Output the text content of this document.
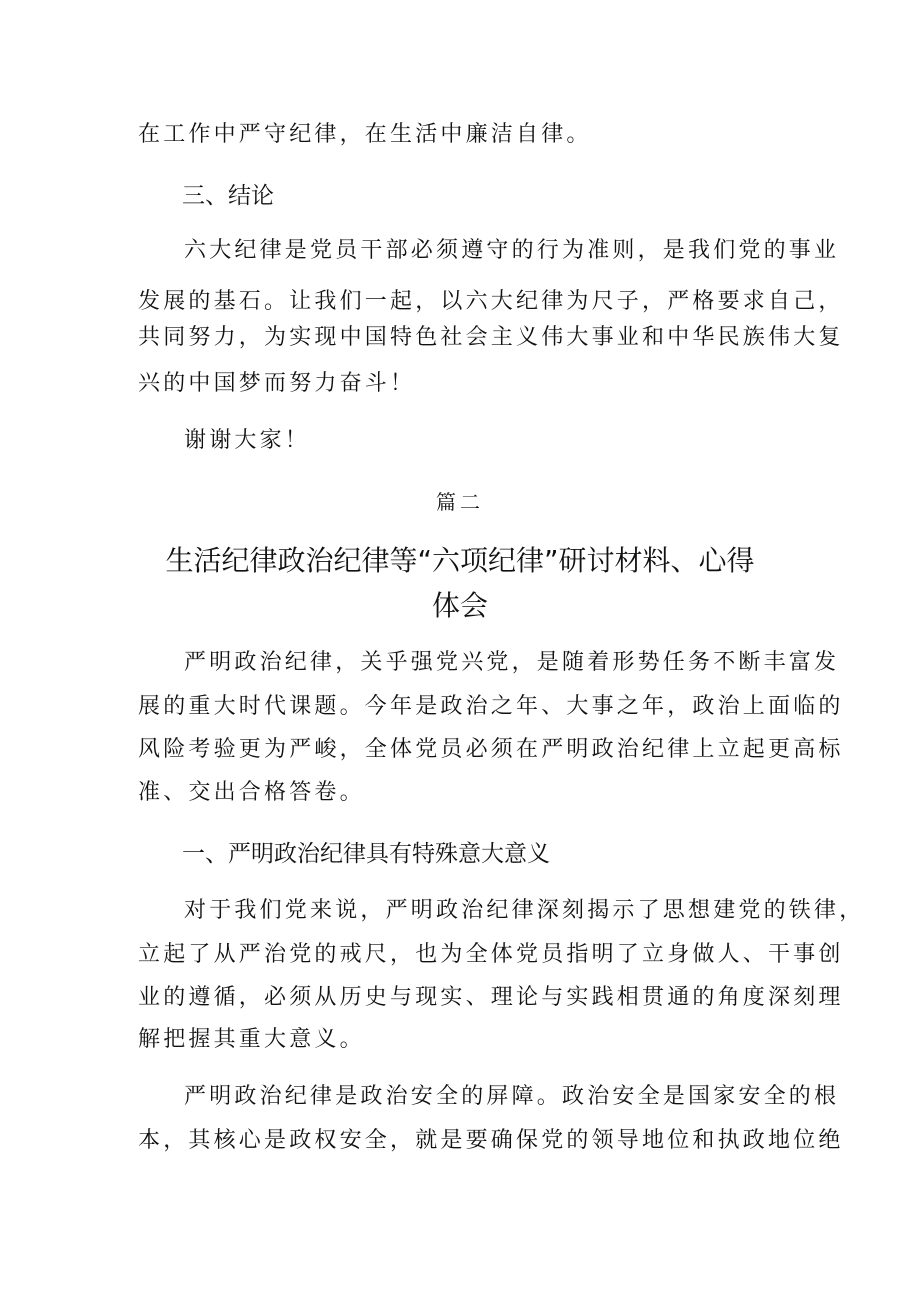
在工作中严守纪律，在生活中廉洁自律。
三、结论
六大纪律是党员干部必须遵守的行为准则，是我们党的事业
发展的基石。让我们一起，以六大纪律为尺子，严格要求自己，
共同努力，为实现中国特色社会主义伟大事业和中华民族伟大复
兴的中国梦而努力奋斗！
谢谢大家！
篇二
生活纪律政治纪律等“六项纪律”研讨材料、心得
体会
严明政治纪律，关乎强党兴党，是随着形势任务不断丰富发
展的重大时代课题。今年是政治之年、大事之年，政治上面临的
风险考验更为严峻，全体党员必须在严明政治纪律上立起更高标
准、交出合格答卷。
一、严明政治纪律具有特殊意大意义
对于我们党来说，严明政治纪律深刻揭示了思想建党的铁律，
立起了从严治党的戒尺，也为全体党员指明了立身做人、干事创
业的遵循，必须从历史与现实、理论与实践相贯通的角度深刻理
解把握其重大意义。
严明政治纪律是政治安全的屏障。政治安全是国家安全的根
本，其核心是政权安全，就是要确保党的领导地位和执政地位绝
